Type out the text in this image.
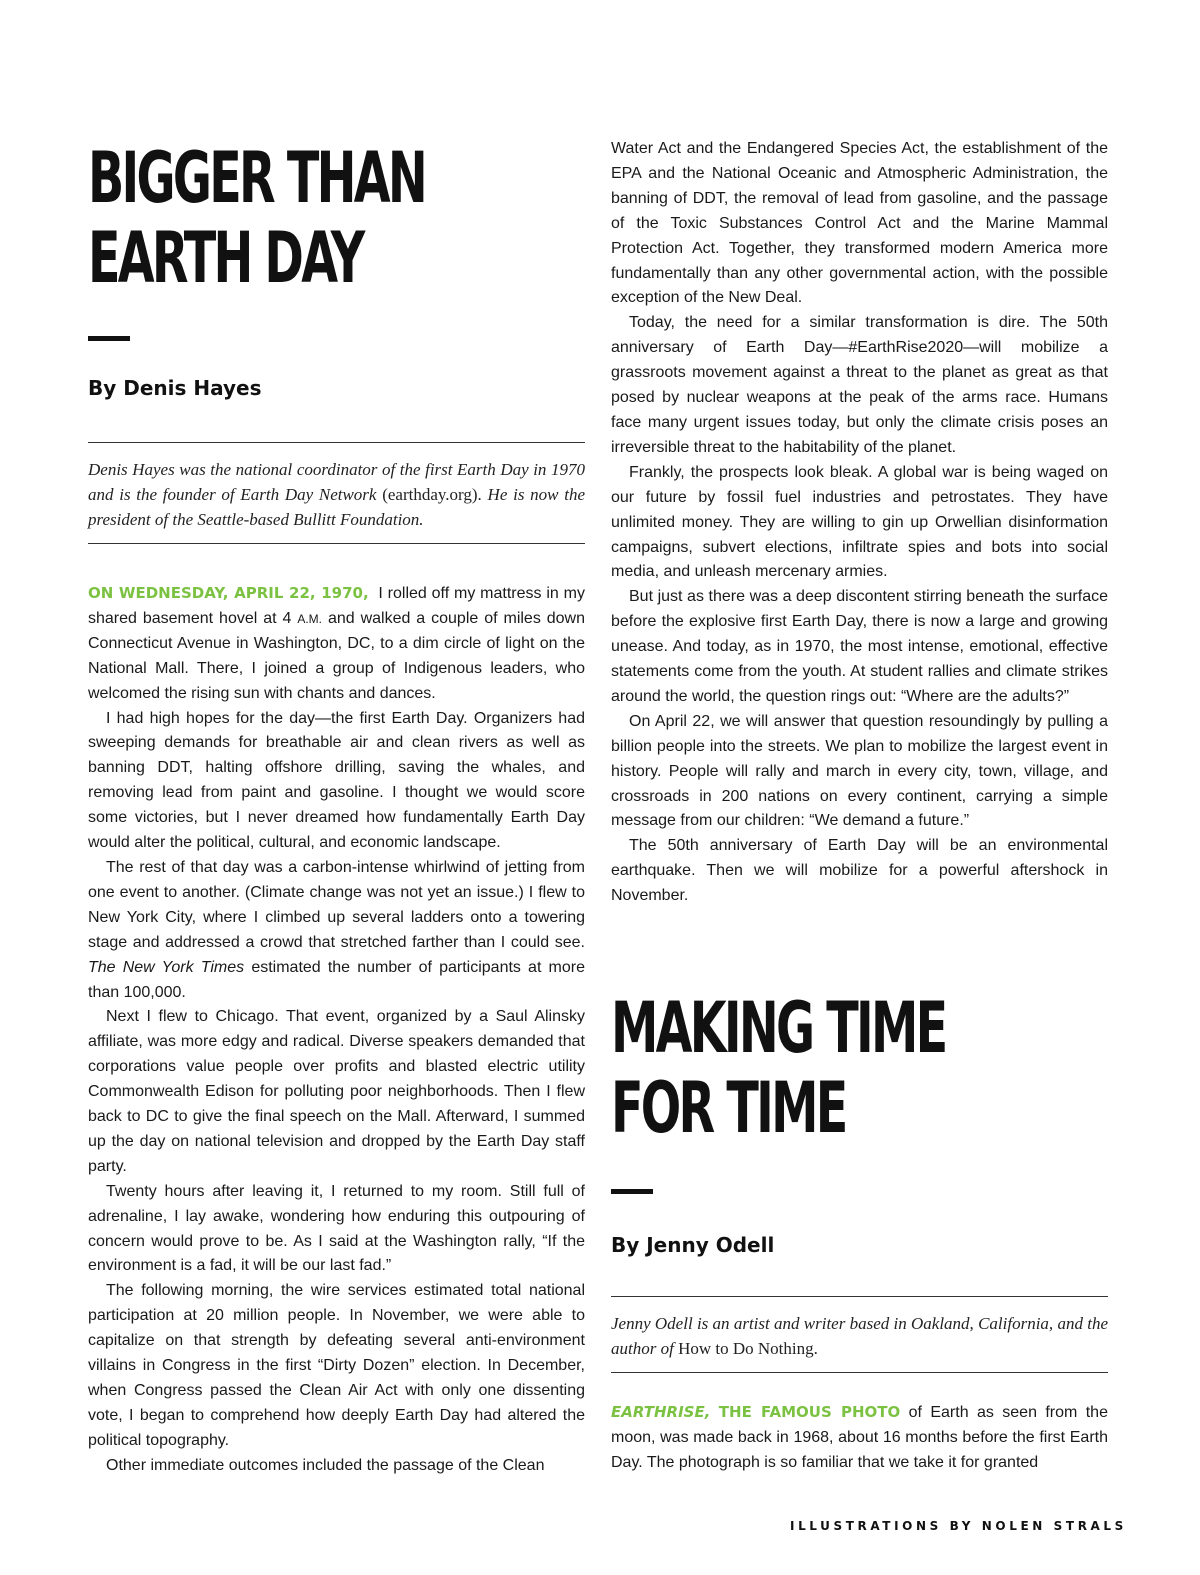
BIGGER THAN
EARTH DAY
By Denis Hayes
Denis Hayes was the national coordinator of the first Earth Day in 1970 and is the founder of Earth Day Network (earthday.org). He is now the president of the Seattle-based Bullitt Foundation.

ON WEDNESDAY, APRIL 22, 1970, I rolled off my mattress in my shared basement hovel at 4 A.M. and walked a couple of miles down Connecticut Avenue in Washington, DC, to a dim circle of light on the National Mall. There, I joined a group of Indigenous leaders, who welcomed the rising sun with chants and dances.

I had high hopes for the day—the first Earth Day. Organizers had sweeping demands for breathable air and clean rivers as well as banning DDT, halting offshore drilling, saving the whales, and removing lead from paint and gasoline. I thought we would score some victories, but I never dreamed how fundamentally Earth Day would alter the political, cultural, and economic landscape.

The rest of that day was a carbon-intense whirlwind of jetting from one event to another. (Climate change was not yet an issue.) I flew to New York City, where I climbed up several ladders onto a towering stage and addressed a crowd that stretched farther than I could see. The New York Times estimated the number of participants at more than 100,000.

Next I flew to Chicago. That event, organized by a Saul Alinsky affiliate, was more edgy and radical. Diverse speakers demanded that corporations value people over profits and blasted electric utility Commonwealth Edison for polluting poor neighborhoods. Then I flew back to DC to give the final speech on the Mall. Afterward, I summed up the day on national television and dropped by the Earth Day staff party.

Twenty hours after leaving it, I returned to my room. Still full of adrenaline, I lay awake, wondering how enduring this outpouring of concern would prove to be. As I said at the Washington rally, “If the environment is a fad, it will be our last fad.”

The following morning, the wire services estimated total national participation at 20 million people. In November, we were able to capitalize on that strength by defeating several anti-environment villains in Congress in the first “Dirty Dozen” election. In December, when Congress passed the Clean Air Act with only one dissenting vote, I began to comprehend how deeply Earth Day had altered the political topography.

Other immediate outcomes included the passage of the Clean

Water Act and the Endangered Species Act, the establishment of the EPA and the National Oceanic and Atmospheric Administration, the banning of DDT, the removal of lead from gasoline, and the passage of the Toxic Substances Control Act and the Marine Mammal Protection Act. Together, they transformed modern America more fundamentally than any other governmental action, with the possible exception of the New Deal.

Today, the need for a similar transformation is dire. The 50th anniversary of Earth Day—#EarthRise2020—will mobilize a grassroots movement against a threat to the planet as great as that posed by nuclear weapons at the peak of the arms race. Humans face many urgent issues today, but only the climate crisis poses an irreversible threat to the habitability of the planet.

Frankly, the prospects look bleak. A global war is being waged on our future by fossil fuel industries and petrostates. They have unlimited money. They are willing to gin up Orwellian disinformation campaigns, subvert elections, infiltrate spies and bots into social media, and unleash mercenary armies.

But just as there was a deep discontent stirring beneath the surface before the explosive first Earth Day, there is now a large and growing unease. And today, as in 1970, the most intense, emotional, effective statements come from the youth. At student rallies and climate strikes around the world, the question rings out: “Where are the adults?”

On April 22, we will answer that question resoundingly by pulling a billion people into the streets. We plan to mobilize the largest event in history. People will rally and march in every city, town, village, and crossroads in 200 nations on every continent, carrying a simple message from our children: “We demand a future.”

The 50th anniversary of Earth Day will be an environmental earthquake. Then we will mobilize for a powerful aftershock in November.

MAKING TIME
FOR TIME
By Jenny Odell
Jenny Odell is an artist and writer based in Oakland, California, and the author of How to Do Nothing.

EARTHRISE, THE FAMOUS PHOTO of Earth as seen from the moon, was made back in 1968, about 16 months before the first Earth Day. The photograph is so familiar that we take it for granted

ILLUSTRATIONS BY NOLEN STRALS
